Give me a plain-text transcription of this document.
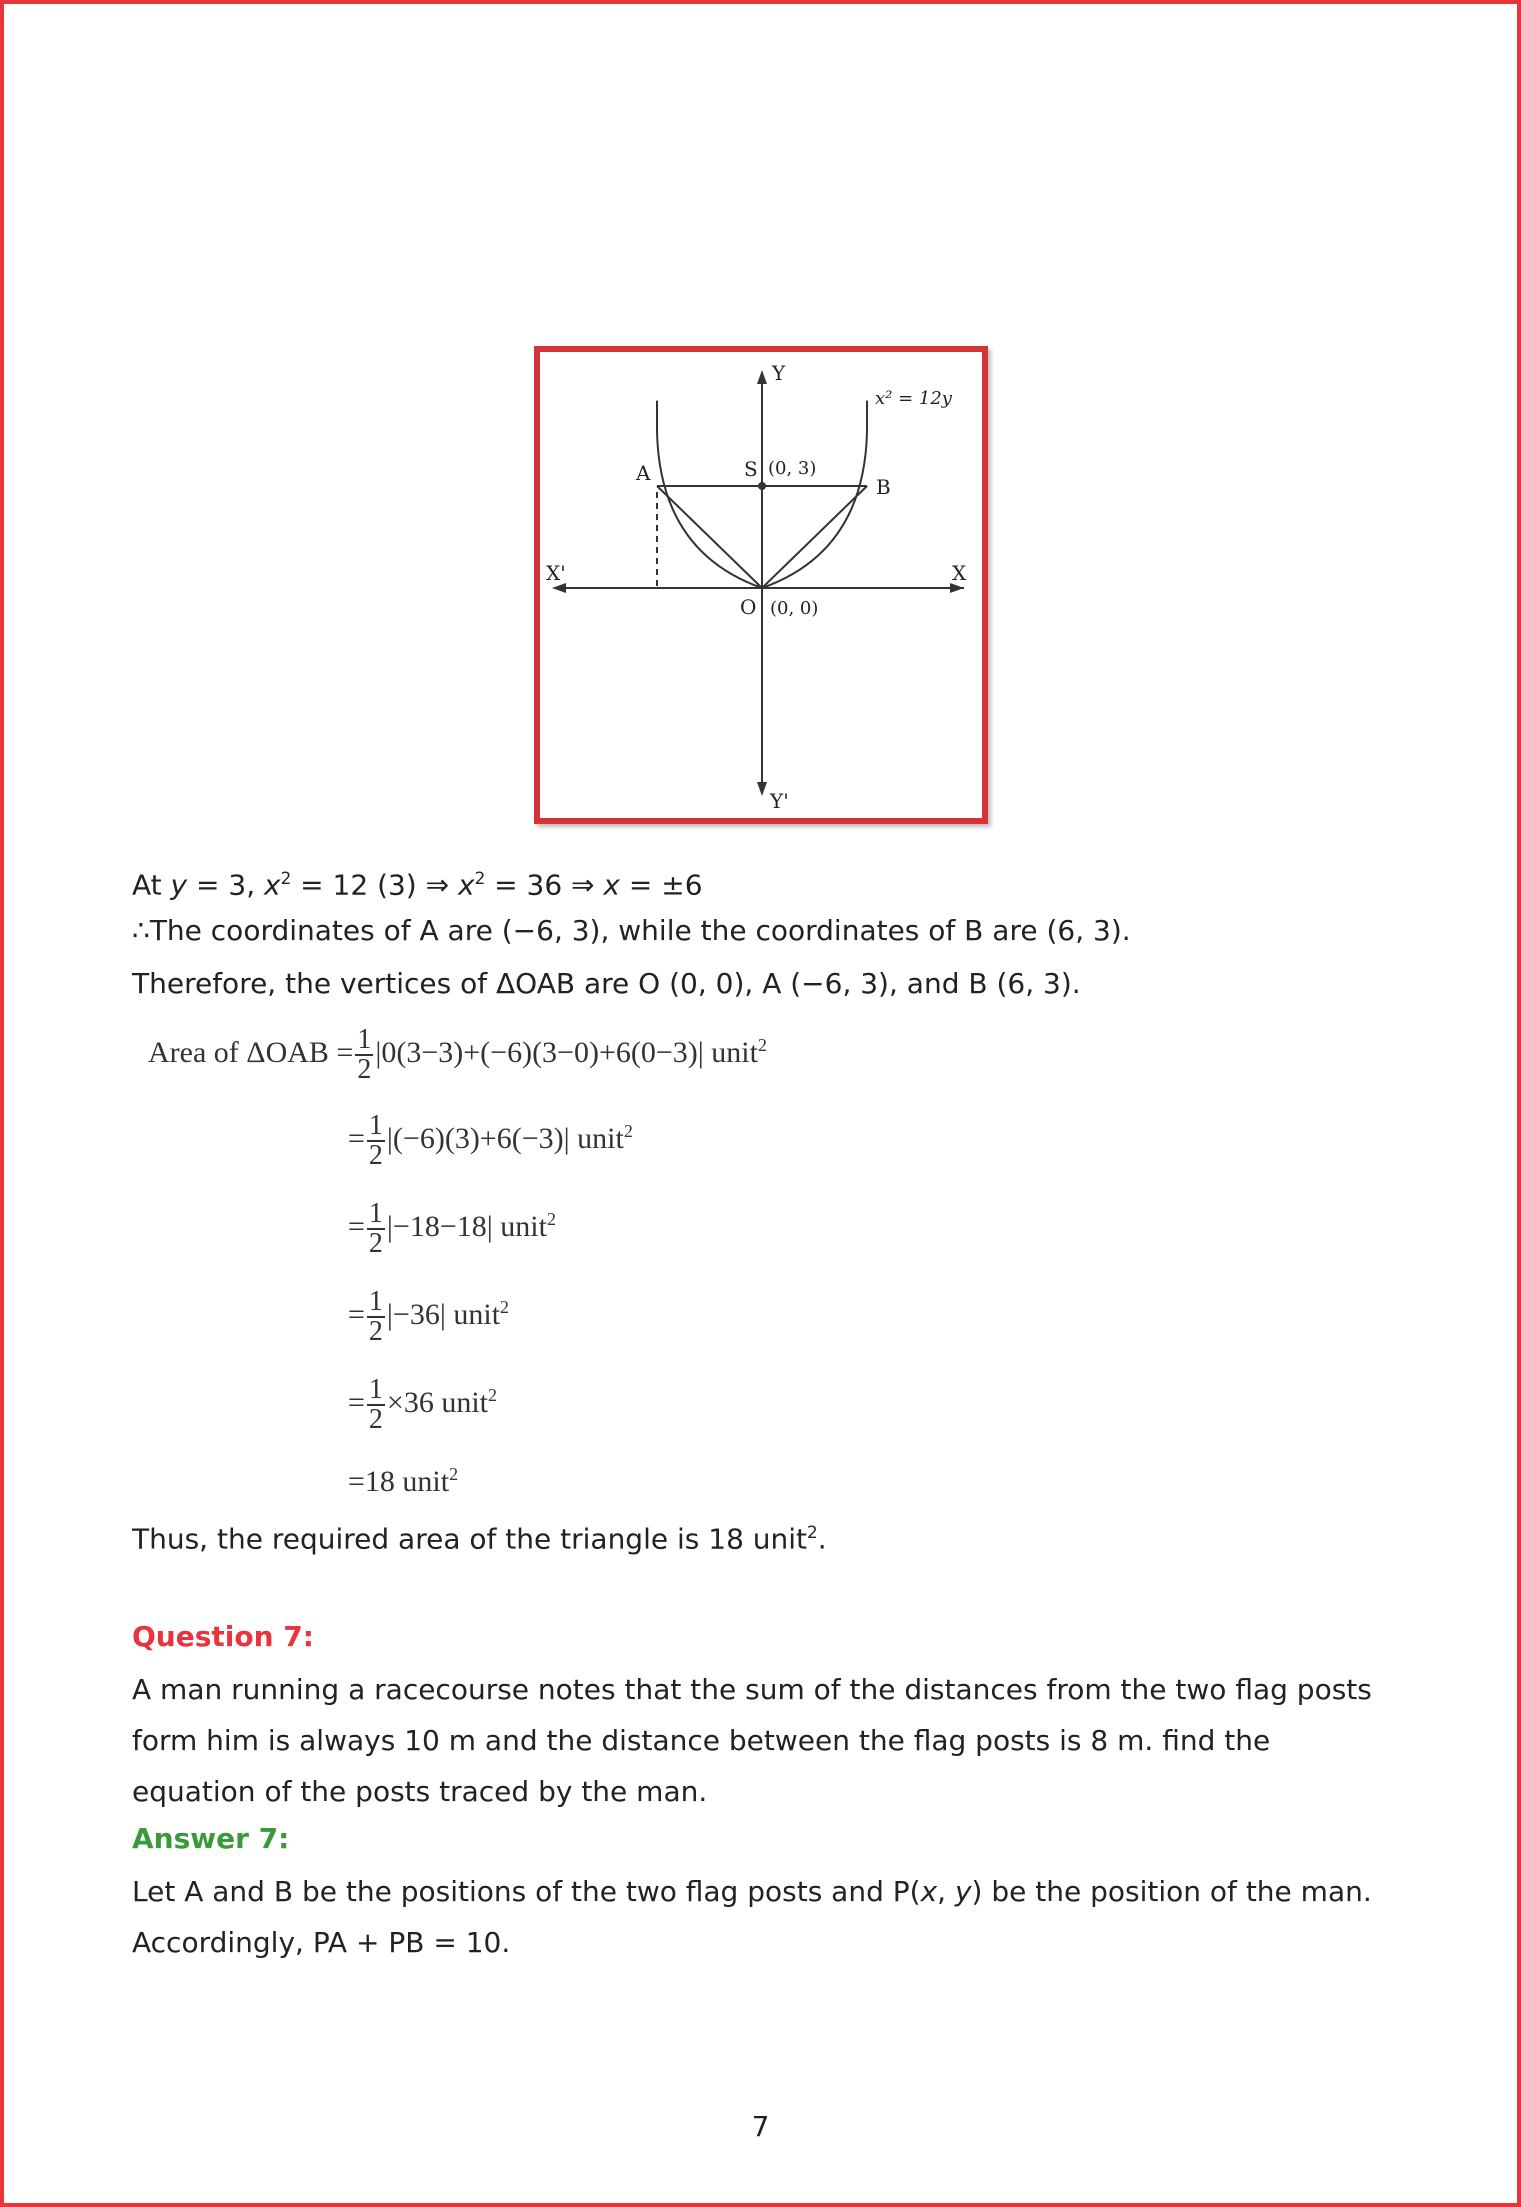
Y
Y'
X
X'
x² = 12y
A
B
S (0, 3)
O (0, 0)
At y = 3, $x^2 = 12$ (3) ⇒ $x^2 = 36$ ⇒ x = ±6
∴The coordinates of A are (−6, 3), while the coordinates of B are (6, 3).
Therefore, the vertices of ΔOAB are O (0, 0), A (−6, 3), and B (6, 3).
Area of $\Delta OAB = \frac{1}{2} |0(3-3)+(-6)(3-0)+6(0-3)|$ unit$^2$
= $\frac{1}{2} |(-6)(3)+6(-3)|$ unit$^2$
= $\frac{1}{2} |-18-18|$ unit$^2$
= $\frac{1}{2} |-36|$ unit$^2$
= $\frac{1}{2} \times 36$ unit$^2$
=18 unit$^2$
Thus, the required area of the triangle is 18 unit$^2$.
Question 7:
A man running a racecourse notes that the sum of the distances from the two flag posts form him is always 10 m and the distance between the flag posts is 8 m. find the equation of the posts traced by the man.
Answer 7:
Let A and B be the positions of the two flag posts and P(x, y) be the position of the man.
Accordingly, PA + PB = 10.
7
